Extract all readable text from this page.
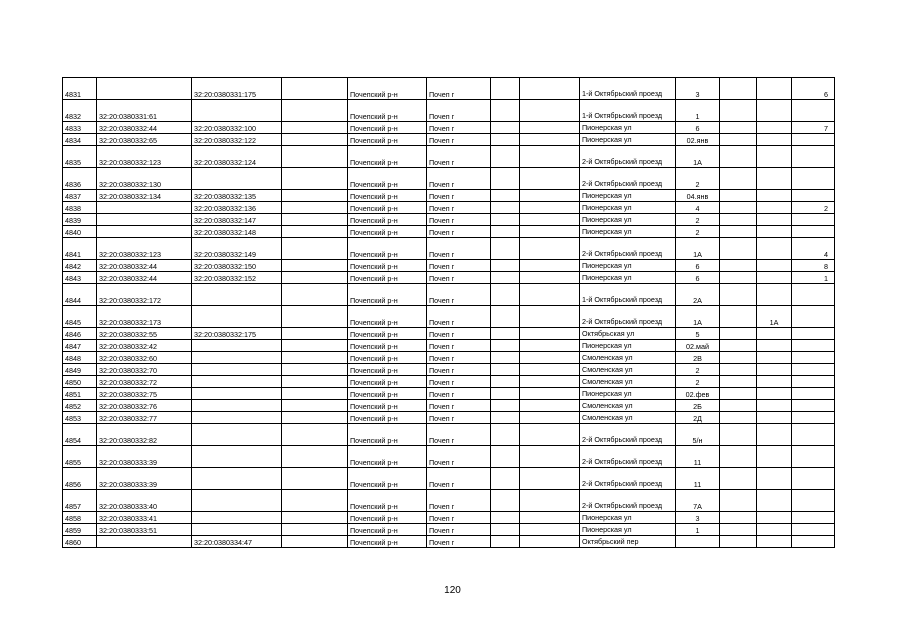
4831		32:20:0380331:175		Почепский р-н	Почеп г			1-й Октябрьский проезд	3			6
4832	32:20:0380331:61			Почепский р-н	Почеп г			1-й Октябрьский проезд	1			
4833	32:20:0380332:44	32:20:0380332:100		Почепский р-н	Почеп г			Пионерская ул	6			7
4834	32:20:0380332:65	32:20:0380332:122		Почепский р-н	Почеп г			Пионерская ул	02.янв			
4835	32:20:0380332:123	32:20:0380332:124		Почепский р-н	Почеп г			2-й Октябрьский проезд	1А			
4836	32:20:0380332:130			Почепский р-н	Почеп г			2-й Октябрьский проезд	2			
4837	32:20:0380332:134	32:20:0380332:135		Почепский р-н	Почеп г			Пионерская ул	04.янв			
4838		32:20:0380332:136		Почепский р-н	Почеп г			Пионерская ул	4			2
4839		32:20:0380332:147		Почепский р-н	Почеп г			Пионерская ул	2			
4840		32:20:0380332:148		Почепский р-н	Почеп г			Пионерская ул	2			
4841	32:20:0380332:123	32:20:0380332:149		Почепский р-н	Почеп г			2-й Октябрьский проезд	1А			4
4842	32:20:0380332:44	32:20:0380332:150		Почепский р-н	Почеп г			Пионерская ул	6			8
4843	32:20:0380332:44	32:20:0380332:152		Почепский р-н	Почеп г			Пионерская ул	6			1
4844	32:20:0380332:172			Почепский р-н	Почеп г			1-й Октябрьский проезд	2А			
4845	32:20:0380332:173			Почепский р-н	Почеп г			2-й Октябрьский проезд	1А		1А	
4846	32:20:0380332:55	32:20:0380332:175		Почепский р-н	Почеп г			Октябрьская ул	5			
4847	32:20:0380332:42			Почепский р-н	Почеп г			Пионерская ул	02.май			
4848	32:20:0380332:60			Почепский р-н	Почеп г			Смоленская ул	2В			
4849	32:20:0380332:70			Почепский р-н	Почеп г			Смоленская ул	2			
4850	32:20:0380332:72			Почепский р-н	Почеп г			Смоленская ул	2			
4851	32:20:0380332:75			Почепский р-н	Почеп г			Пионерская ул	02.фев			
4852	32:20:0380332:76			Почепский р-н	Почеп г			Смоленская ул	2Б			
4853	32:20:0380332:77			Почепский р-н	Почеп г			Смоленская ул	2Д			
4854	32:20:0380332:82			Почепский р-н	Почеп г			2-й Октябрьский проезд	5/н			
4855	32:20:0380333:39			Почепский р-н	Почеп г			2-й Октябрьский проезд	11			
4856	32:20:0380333:39			Почепский р-н	Почеп г			2-й Октябрьский проезд	11			
4857	32:20:0380333:40			Почепский р-н	Почеп г			2-й Октябрьский проезд	7А			
4858	32:20:0380333:41			Почепский р-н	Почеп г			Пионерская ул	3			
4859	32:20:0380333:51			Почепский р-н	Почеп г			Пионерская ул	1			
4860		32:20:0380334:47		Почепский р-н	Почеп г			Октябрьский пер				
120
